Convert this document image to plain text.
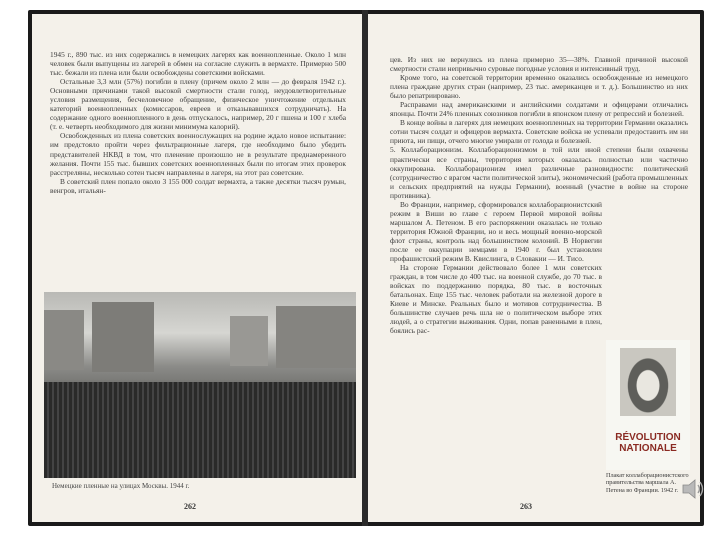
1945 г., 890 тыс. из них содержались в немецких лагерях как военнопленные. Около 1 млн человек были выпущены из лагерей в обмен на согласие служить в вермахте. Примерно 500 тыс. бежали из плена или были освобождены советскими войсками.

Остальные 3,3 млн (57%) погибли в плену (причем около 2 млн — до февраля 1942 г.). Основными причинами такой высокой смертности стали голод, неудовлетворительные условия размещения, бесчеловечное обращение, физическое уничтожение отдельных категорий военнопленных (комиссаров, евреев и отказывавшихся сотрудничать). На содержание одного военнопленного в день отпускалось, например, 20 г пшена и 100 г хлеба (т. е. четверть необходимого для жизни минимума калорий).

Освобожденных из плена советских военнослужащих на родине ждало новое испытание: им предстояло пройти через фильтрационные лагеря, где необходимо было убедить представителей НКВД в том, что пленение произошло не в результате преднамеренного желания. Почти 155 тыс. бывших советских военнопленных были по итогам этих проверок расстреляны, несколько сотен тысяч направлены в лагеря, на этот раз советские.

В советский плен попало около 3 155 000 солдат вермахта, а также десятки тысяч румын, венгров, итальян-

Немецкие пленные на улицах Москвы. 1944 г.
262

цев. Из них не вернулись из плена примерно 35—38%. Главной причиной высокой смертности стали непривычно суровые погодные условия и интенсивный труд.

Кроме того, на советской территории временно оказались освобожденные из немецкого плена граждане других стран (например, 23 тыс. американцев и т. д.). Большинство из них было репатриировано.

Расправами над американскими и английскими солдатами и офицерами отличались японцы. Почти 24% пленных союзников погибли в японском плену от репрессий и болезней.

В конце войны в лагерях для немецких военнопленных на территории Германии оказались сотни тысяч солдат и офицеров вермахта. Советские войска не успевали предоставить им ни приюта, ни пищи, отчего многие умирали от голода и болезней.

5. Коллаборационизм. Коллаборационизмом в той или иной степени были охвачены практически все страны, территория которых оказалась полностью или частично оккупирована. Коллаборационизм имел различные разновидности: политический (сотрудничество с врагом части политической элиты), экономический (работа промышленных и сельских предприятий на нужды Германии), военный (участие в войне на стороне противника).

Во Франции, например, сформировался коллаборационистский режим в Виши во главе с героем Первой мировой войны маршалом А. Петеном. В его распоряжении оказалась не только территория Южной Франции, но и весь мощный военно-морской флот страны, контроль над большинством колоний. В Норвегии после ее оккупации немцами в 1940 г. был установлен профашистский режим В. Квислинга, в Словакии — И. Тисо.

На стороне Германии действовало более 1 млн советских граждан, в том числе до 400 тыс. на военной службе, до 70 тыс. в войсках по поддержанию порядка, 80 тыс. в восточных батальонах. Еще 155 тыс. человек работали на железной дороге в Киеве и Минске. Реальных было и мотивов сотрудничества. В большинстве случаев речь шла не о политическом выборе этих людей, а о стратегии выживания. Одни, попав раненными в плен, боялись рас-

RÉVOLUTION NATIONALE
Плакат коллаборационистского правительства маршала А. Петена во Франции. 1942 г.
263
